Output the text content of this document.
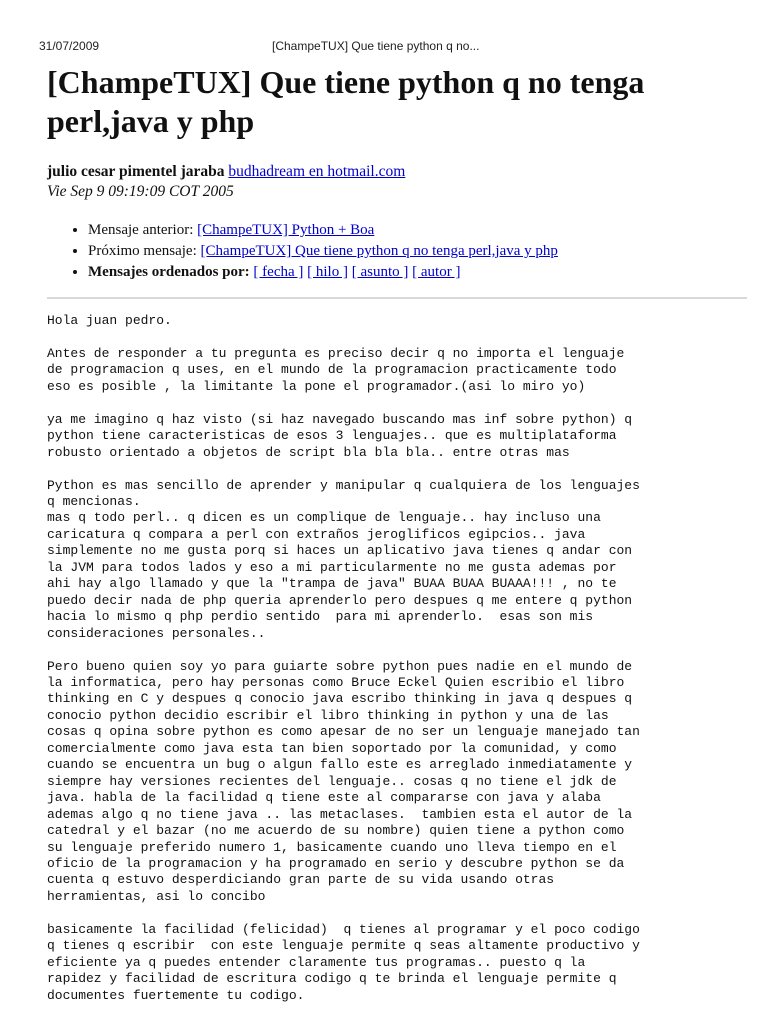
31/07/2009	[ChampeTUX] Que tiene python q no...
[ChampeTUX] Que tiene python q no tenga perl,java y php
julio cesar pimentel jaraba budhadream en hotmail.com
Vie Sep 9 09:19:09 COT 2005
• Mensaje anterior: [ChampeTUX] Python + Boa
• Próximo mensaje: [ChampeTUX] Que tiene python q no tenga perl,java y php
• Mensajes ordenados por: [ fecha ] [ hilo ] [ asunto ] [ autor ]
Hola juan pedro.

Antes de responder a tu pregunta es preciso decir q no importa el lenguaje
de programacion q uses, en el mundo de la programacion practicamente todo
eso es posible , la limitante la pone el programador.(asi lo miro yo)

ya me imagino q haz visto (si haz navegado buscando mas inf sobre python) q
python tiene caracteristicas de esos 3 lenguajes.. que es multiplataforma
robusto orientado a objetos de script bla bla bla.. entre otras mas

Python es mas sencillo de aprender y manipular q cualquiera de los lenguajes
q mencionas.
mas q todo perl.. q dicen es un complique de lenguaje.. hay incluso una
caricatura q compara a perl con extraños jeroglificos egipcios.. java
simplemente no me gusta porq si haces un aplicativo java tienes q andar con
la JVM para todos lados y eso a mi particularmente no me gusta ademas por
ahi hay algo llamado y que la "trampa de java" BUAA BUAA BUAAA!!! , no te
puedo decir nada de php queria aprenderlo pero despues q me entere q python
hacia lo mismo q php perdio sentido  para mi aprenderlo.  esas son mis
consideraciones personales..

Pero bueno quien soy yo para guiarte sobre python pues nadie en el mundo de
la informatica, pero hay personas como Bruce Eckel Quien escribio el libro
thinking en C y despues q conocio java escribo thinking in java q despues q
conocio python decidio escribir el libro thinking in python y una de las
cosas q opina sobre python es como apesar de no ser un lenguaje manejado tan
comercialmente como java esta tan bien soportado por la comunidad, y como
cuando se encuentra un bug o algun fallo este es arreglado inmediatamente y
siempre hay versiones recientes del lenguaje.. cosas q no tiene el jdk de
java. habla de la facilidad q tiene este al compararse con java y alaba
ademas algo q no tiene java .. las metaclases.  tambien esta el autor de la
catedral y el bazar (no me acuerdo de su nombre) quien tiene a python como
su lenguaje preferido numero 1, basicamente cuando uno lleva tiempo en el
oficio de la programacion y ha programado en serio y descubre python se da
cuenta q estuvo desperdiciando gran parte de su vida usando otras
herramientas, asi lo concibo

basicamente la facilidad (felicidad)  q tienes al programar y el poco codigo
q tienes q escribir  con este lenguaje permite q seas altamente productivo y
eficiente ya q puedes entender claramente tus programas.. puesto q la
rapidez y facilidad de escritura codigo q te brinda el lenguaje permite q
documentes fuertemente tu codigo.
